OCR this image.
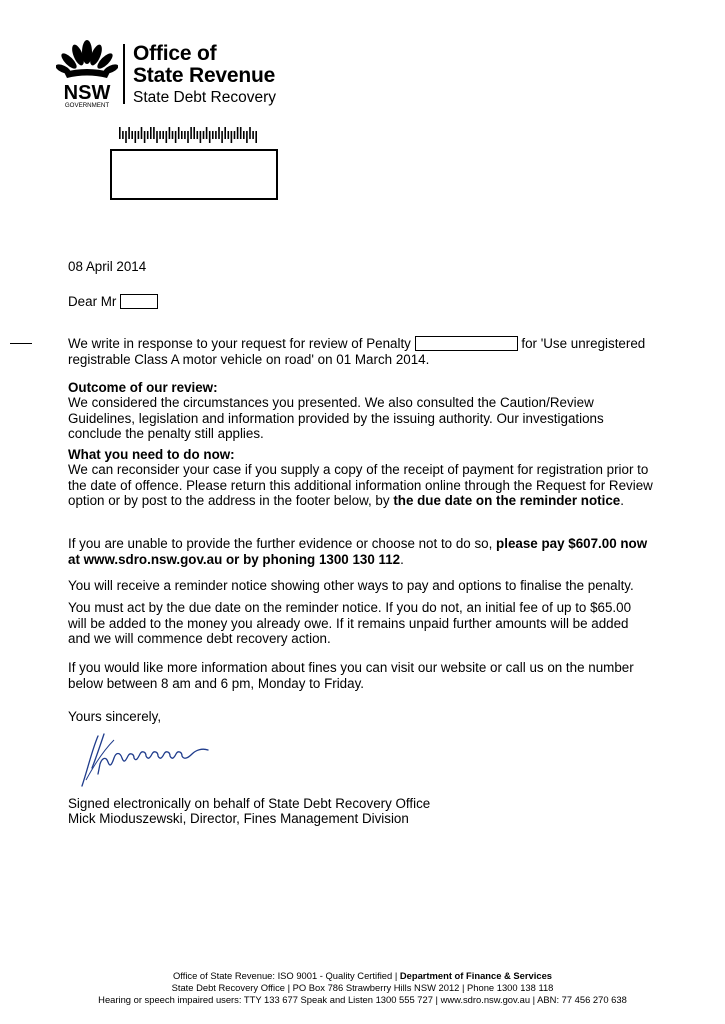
NSW
GOVERNMENT
Office of
State Revenue
State Debt Recovery
08 April 2014
Dear Mr
We write in response to your request for review of Penalty	for 'Use unregistered
registrable Class A motor vehicle on road' on 01 March 2014.
Outcome of our review:
We considered the circumstances you presented. We also consulted the Caution/Review Guidelines, legislation and information provided by the issuing authority. Our investigations conclude the penalty still applies.
What you need to do now:
We can reconsider your case if you supply a copy of the receipt of payment for registration prior to the date of offence. Please return this additional information online through the Request for Review option or by post to the address in the footer below, by the due date on the reminder notice.
If you are unable to provide the further evidence or choose not to do so, please pay $607.00 now at www.sdro.nsw.gov.au or by phoning 1300 130 112.
You will receive a reminder notice showing other ways to pay and options to finalise the penalty.
You must act by the due date on the reminder notice. If you do not, an initial fee of up to $65.00 will be added to the money you already owe. If it remains unpaid further amounts will be added and we will commence debt recovery action.
If you would like more information about fines you can visit our website or call us on the number below between 8 am and 6 pm, Monday to Friday.
Yours sincerely,
Signed electronically on behalf of State Debt Recovery Office
Mick Mioduszewski, Director, Fines Management Division
Office of State Revenue: ISO 9001 - Quality Certified | Department of Finance & Services
State Debt Recovery Office | PO Box 786 Strawberry Hills NSW 2012 | Phone 1300 138 118
Hearing or speech impaired users: TTY 133 677 Speak and Listen 1300 555 727 | www.sdro.nsw.gov.au | ABN: 77 456 270 638
